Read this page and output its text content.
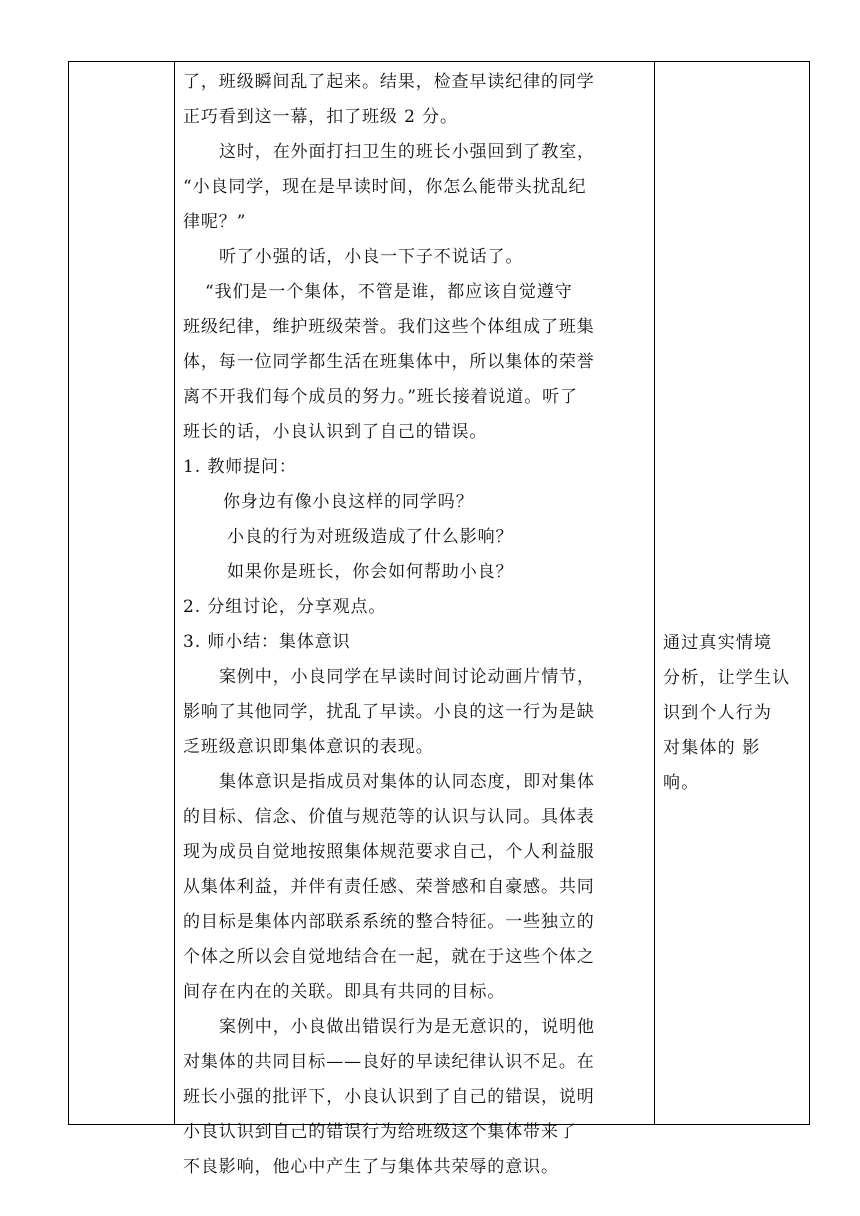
了，班级瞬间乱了起来。结果，检查早读纪律的同学
正巧看到这一幕，扣了班级 2 分。
这时，在外面打扫卫生的班长小强回到了教室，
“小良同学，现在是早读时间，你怎么能带头扰乱纪
律呢？”
听了小强的话，小良一下子不说话了。
“我们是一个集体，不管是谁，都应该自觉遵守
班级纪律，维护班级荣誉。我们这些个体组成了班集
体，每一位同学都生活在班集体中，所以集体的荣誉
离不开我们每个成员的努力。”班长接着说道。听了
班长的话，小良认识到了自己的错误。
1. 教师提问：
你身边有像小良这样的同学吗？
小良的行为对班级造成了什么影响？
如果你是班长，你会如何帮助小良？
2. 分组讨论，分享观点。
3. 师小结：集体意识
案例中，小良同学在早读时间讨论动画片情节，
影响了其他同学，扰乱了早读。小良的这一行为是缺
乏班级意识即集体意识的表现。
集体意识是指成员对集体的认同态度，即对集体
的目标、信念、价值与规范等的认识与认同。具体表
现为成员自觉地按照集体规范要求自己，个人利益服
从集体利益，并伴有责任感、荣誉感和自豪感。共同
的目标是集体内部联系系统的整合特征。一些独立的
个体之所以会自觉地结合在一起，就在于这些个体之
间存在内在的关联。即具有共同的目标。
案例中，小良做出错误行为是无意识的，说明他
对集体的共同目标——良好的早读纪律认识不足。在
班长小强的批评下，小良认识到了自己的错误，说明
小良认识到自己的错误行为给班级这个集体带来了
不良影响，他心中产生了与集体共荣辱的意识。
通过真实情境
分析，让学生认
识到个人行为
对集体的 影
响。
